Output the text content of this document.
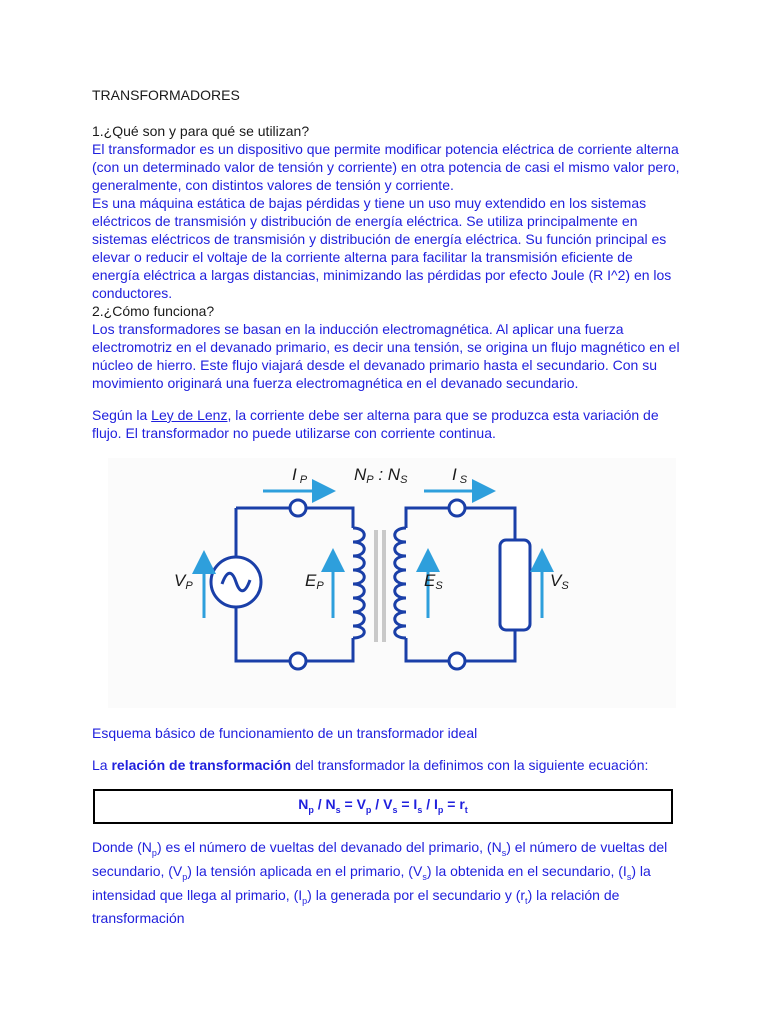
TRANSFORMADORES

1.¿Qué son y para qué se utilizan?

El transformador es un dispositivo que permite modificar potencia eléctrica de corriente alterna (con un determinado valor de tensión y corriente) en otra potencia de casi el mismo valor pero, generalmente, con distintos valores de tensión y corriente.

Es una máquina estática de bajas pérdidas y tiene un uso muy extendido en los sistemas eléctricos de transmisión y distribución de energía eléctrica. Se utiliza principalmente en sistemas eléctricos de transmisión y distribución de energía eléctrica. Su función principal es elevar o reducir el voltaje de la corriente alterna para facilitar la transmisión eficiente de energía eléctrica a largas distancias, minimizando las pérdidas por efecto Joule (R I^2) en los conductores.

2.¿Cómo funciona?

Los transformadores se basan en la inducción electromagnética. Al aplicar una fuerza electromotriz en el devanado primario, es decir una tensión, se origina un flujo magnético en el núcleo de hierro. Este flujo viajará desde el devanado primario hasta el secundario. Con su movimiento originará una fuerza electromagnética en el devanado secundario.

Según la Ley de Lenz, la corriente debe ser alterna para que se produzca esta variación de flujo. El transformador no puede utilizarse con corriente continua.

I P	NP : NS	I S
VP	EP	ES	VS

Esquema básico de funcionamiento de un transformador ideal

La relación de transformación del transformador la definimos con la siguiente ecuación:

$N_p / N_s = V_p / V_s = I_s / I_p = r_t$

Donde $(N_p)$ es el número de vueltas del devanado del primario, $(N_s)$ el número de vueltas del secundario, $(V_p)$ la tensión aplicada en el primario, $(V_s)$ la obtenida en el secundario, $(I_s)$ la intensidad que llega al primario, $(I_p)$ la generada por el secundario y $(r_t)$ la relación de transformación
